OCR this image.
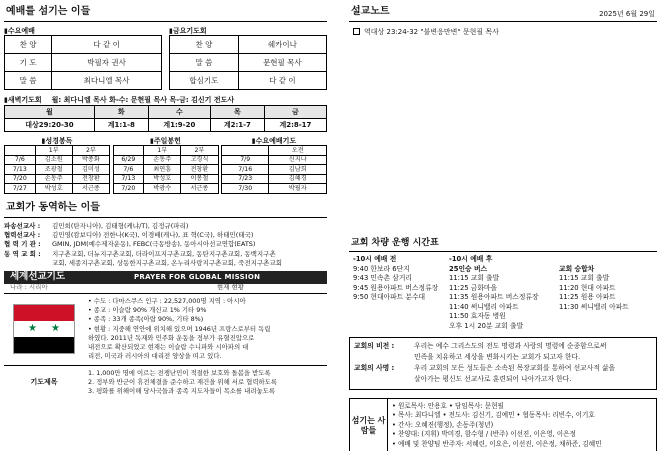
예배를 섬기는 이들
▮수요예배
찬 양	다 같 이
기 도	박필자 권사
말 씀	최다니엘 목사
▮금요기도회
찬 양	쉐카이나
말 씀	문현필 목사
합심기도	다 같 이
▮새벽기도회 월: 최다니엘 목사 화-수: 문현필 목사 목-금: 김신기 전도사
월	화	수	목	금
대상29:20-30	계1:1-8	계1:9-20	계2:1-7	계2:8-17
▮성경봉독
	1부	2부
7/6	김소원	박종화
7/13	조광철	김미성
7/20	손동주	전창환
7/27	박성호	서근종
▮주일봉헌
	1부	2부
6/29	손동주	고경식
7/6	최연흥	전창환
7/13	박성호	이봉철
7/20	박광수	서근종
▮수요예배기도
	오전
7/9	신지나
7/16	김남희
7/23	김혜경
7/30	박필자
교회가 동역하는 이들
파송선교사 :	김민희(탄자니아), 김태형(케냐/T), 김정규(파리)
협력선교사 :	김민영(캄보디아) 전한나(K국), 이경배(캐나), 표 혁(C국), 하태민(태국)
협 력 기 관 :	GMIN, JDM(예수제자운동), FEBC(극동방송), 동아시아선교연합(EATS)
동 역 교 회 :	지구촌교회, 더뉴지구촌교회, 더라이프지구촌교회, 동탄지구촌교회, 동백지구촌
교회, 세종지구촌교회, 상동한지구촌교회, 온누리사랑지구촌교회, 죽전지구촌교회
세계선교기도	PRAYER FOR GLOBAL MISSION
나라 : 시리아	현재 현황
★ ★
• 수도 : 다마스쿠스 인구 : 22,527,000명 지역 : 아시아
• 종교 : 이슬람 90% 개신교 1% 기타 9%
• 종족 : 33개 종족(아랍 90%, 기타 8%)
• 현황 : 지중해 연안에 위치해 있으며 1946년 프랑스로부터 독립
하였다. 2011년 독재와 민주화 운동을 정부가 유혈진압으로
내전으로 확산되었고 현재는 이슬람 수니파와 시아파의 대
리전, 미국과 러시아의 대리전 양상을 띠고 있다.
기도제목
1. 1,000만 명에 이르는 전쟁난민이 적절한 보호와 돌봄을 받도록
2. 정부와 반군이 휴전체결을 준수하고 재건을 위해 서로 협력하도록
3. 평화를 위해이해 당사국들과 종족 지도자들이 목소를 내려놓도록
설교노트	2025년 6월 29일
역대상 23:24-32 "불변응만변" 문현필 목사
교회 차량 운행 시간표
-10시 예배 전
9:40 한보라 6단지
9:43 민속촌 삼거리
9:45 원용아파트 버스정류장
9:50 현대아파트 분수대
-10시 예배 후
25인승 버스
11:15 교회 출발
11:25 금화마을
11:35 원용아파트 버스정류장
11:40 써니밸리 아파트
11:50 효자동 병원
오후 1시 20분 교회 출발

교회 승합차
11:15 교회 출발
11:20 현대 아파트
11:25 원용 아파트
11:30 써니밸리 아파트
교회의 비전 :	우리는 예수 그리스도의 전도 명령과 사랑의 명령에 순종함으로써
민족을 치유하고 세상을 변화시키는 교회가 되고자 한다.
교회의 사명 :	우리 교회의 모든 성도들은 소속된 목장교회를 통하여 선교사적 삶을
살아가는 평신도 선교사로 훈련되어 나아가고자 한다.
섬기는 사람들
• 원로목사: 안용호 • 담임목사: 문현필
• 목사: 최다니엘 • 전도사: 김신기, 김예민 • 협동목사: 리빈수, 이기호
• 간사: 오혜진(행정), 손동주(청년)
• 찬양대: (지휘) 박미경, 함수형 / (반주) 이선진, 이은영, 이은정
• 예배 및 찬양팀 반주자: 서혜린, 이요은, 이선진, 이은정, 채하준, 김혜민
